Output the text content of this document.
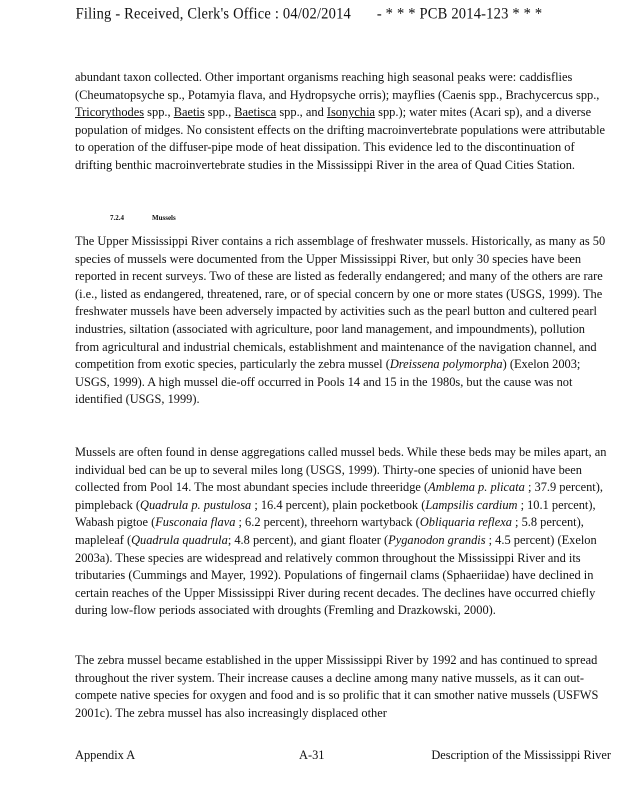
Filing - Received, Clerk's Office : 04/02/2014 - * * * PCB 2014-123 * * *

abundant taxon collected. Other important organisms reaching high seasonal peaks were: caddisflies (Cheumatopsyche sp., Potamyia flava, and Hydropsyche orris); mayflies (Caenis spp., Brachycercus spp., Tricorythodes spp., Baetis spp., Baetisca spp., and Isonychia spp.); water mites (Acari sp), and a diverse population of midges. No consistent effects on the drifting macroinvertebrate populations were attributable to operation of the diffuser-pipe mode of heat dissipation. This evidence led to the discontinuation of drifting benthic macroinvertebrate studies in the Mississippi River in the area of Quad Cities Station.

7.2.4	Mussels

The Upper Mississippi River contains a rich assemblage of freshwater mussels. Historically, as many as 50 species of mussels were documented from the Upper Mississippi River, but only 30 species have been reported in recent surveys. Two of these are listed as federally endangered; and many of the others are rare (i.e., listed as endangered, threatened, rare, or of special concern by one or more states (USGS, 1999). The freshwater mussels have been adversely impacted by activities such as the pearl button and cultered pearl industries, siltation (associated with agriculture, poor land management, and impoundments), pollution from agricultural and industrial chemicals, establishment and maintenance of the navigation channel, and competition from exotic species, particularly the zebra mussel (Dreissena polymorpha) (Exelon 2003; USGS, 1999). A high mussel die-off occurred in Pools 14 and 15 in the 1980s, but the cause was not identified (USGS, 1999).

Mussels are often found in dense aggregations called mussel beds. While these beds may be miles apart, an individual bed can be up to several miles long (USGS, 1999). Thirty-one species of unionid have been collected from Pool 14. The most abundant species include threeridge (Amblema p. plicata ; 37.9 percent), pimpleback (Quadrula p. pustulosa ; 16.4 percent), plain pocketbook (Lampsilis cardium ; 10.1 percent), Wabash pigtoe (Fusconaia flava ; 6.2 percent), threehorn wartyback (Obliquaria reflexa ; 5.8 percent), mapleleaf (Quadrula quadrula; 4.8 percent), and giant floater (Pyganodon grandis ; 4.5 percent) (Exelon 2003a). These species are widespread and relatively common throughout the Mississippi River and its tributaries (Cummings and Mayer, 1992). Populations of fingernail clams (Sphaeriidae) have declined in certain reaches of the Upper Mississippi River during recent decades. The declines have occurred chiefly during low-flow periods associated with droughts (Fremling and Drazkowski, 2000).

The zebra mussel became established in the upper Mississippi River by 1992 and has continued to spread throughout the river system. Their increase causes a decline among many native mussels, as it can out-compete native species for oxygen and food and is so prolific that it can smother native mussels (USFWS 2001c). The zebra mussel has also increasingly displaced other

Appendix A	A-31	Description of the Mississippi River
